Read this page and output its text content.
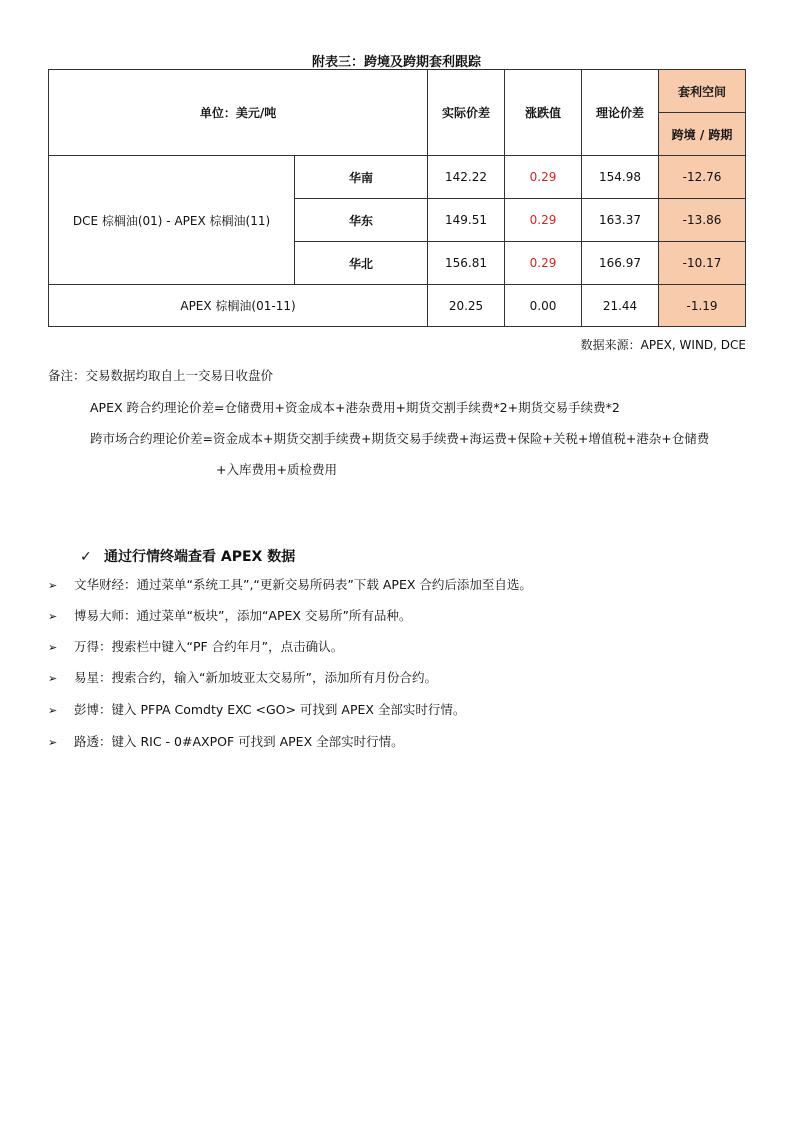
附表三：跨境及跨期套利跟踪
单位：美元/吨		实际价差	涨跌值	理论价差	套利空间
					跨境 / 跨期
DCE 棕榈油(01) - APEX 棕榈油(11)	华南	142.22	0.29	154.98	-12.76
	华东	149.51	0.29	163.37	-13.86
	华北	156.81	0.29	166.97	-10.17
APEX 棕榈油(01-11)		20.25	0.00	21.44	-1.19
数据来源：APEX, WIND, DCE
备注：交易数据均取自上一交易日收盘价
APEX 跨合约理论价差=仓储费用+资金成本+港杂费用+期货交割手续费*2+期货交易手续费*2
跨市场合约理论价差=资金成本+期货交割手续费+期货交易手续费+海运费+保险+关税+增值税+港杂+仓储费
+入库费用+质检费用
✓ 通过行情终端查看 APEX 数据
➢ 文华财经：通过菜单“系统工具”,“更新交易所码表”下载 APEX 合约后添加至自选。
➢ 博易大师：通过菜单“板块”，添加“APEX 交易所”所有品种。
➢ 万得：搜索栏中键入“PF 合约年月”，点击确认。
➢ 易星：搜索合约，输入“新加坡亚太交易所”，添加所有月份合约。
➢ 彭博：键入 PFPA Comdty EXC <GO> 可找到 APEX 全部实时行情。
➢ 路透：键入 RIC - 0#AXPOF 可找到 APEX 全部实时行情。
